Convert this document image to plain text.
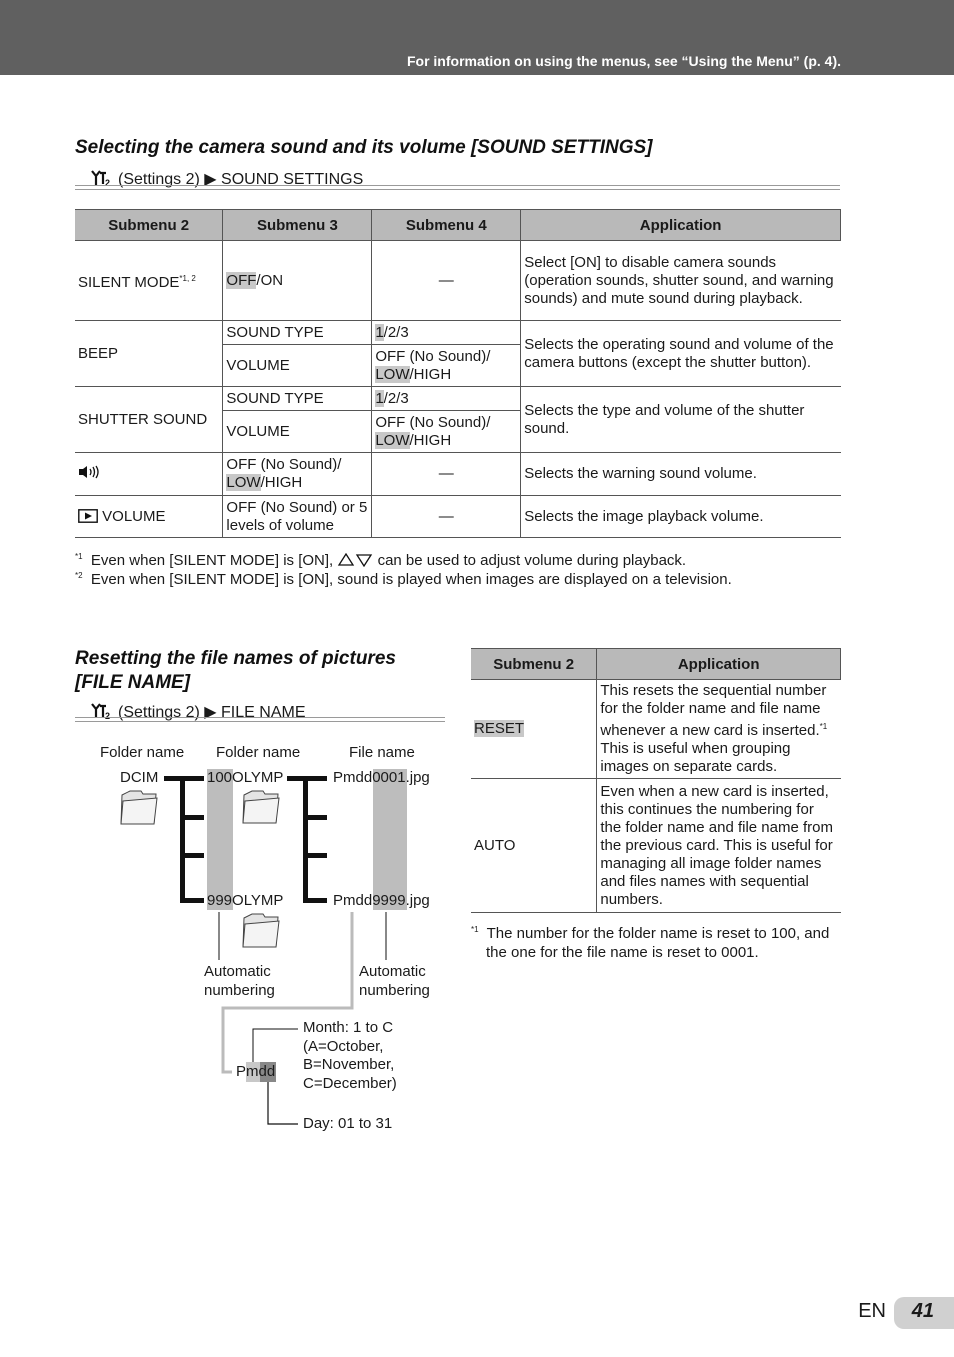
For information on using the menus, see “Using the Menu” (p. 4).
Selecting the camera sound and its volume [SOUND SETTINGS]
2 (Settings 2) ▶ SOUND SETTINGS
Submenu 2	Submenu 3	Submenu 4	Application
SILENT MODE$^{*1, 2}$	OFF/ON	—	Select [ON] to disable camera sounds (operation sounds, shutter sound, and warning sounds) and mute sound during playback.
BEEP	SOUND TYPE	1/2/3	Selects the operating sound and volume of the camera buttons (except the shutter button).
	VOLUME	OFF (No Sound)/
LOW/HIGH	
SHUTTER SOUND	SOUND TYPE	1/2/3	Selects the type and volume of the shutter sound.
	VOLUME	OFF (No Sound)/
LOW/HIGH	
	OFF (No Sound)/
LOW/HIGH	—	Selects the warning sound volume.
VOLUME	OFF (No Sound) or 5 levels of volume	—	Selects the image playback volume.
$^{*1}$ Even when [SILENT MODE] is [ON],	can be used to adjust volume during playback.
$^{*2}$ Even when [SILENT MODE] is [ON], sound is played when images are displayed on a television.
Resetting the file names of pictures
[FILE NAME]
2 (Settings 2) ▶ FILE NAME
Folder name Folder name	File name
DCIM	100OLYMP
999OLYMP
Pmdd0001.jpg
Pmdd9999.jpg
Automatic
numbering
Automatic
numbering
Pmdd
Month: 1 to C
(A=October,
B=November,
C=December)
Day: 01 to 31
Submenu 2	Application
RESET	This resets the sequential number for the folder name and file name whenever a new card is inserted.$^{*1}$ This is useful when grouping images on separate cards.
AUTO	Even when a new card is inserted, this continues the numbering for the folder name and file name from the previous card. This is useful for managing all image folder names and files names with sequential numbers.
$^{*1}$ The number for the folder name is reset to 100, and
the one for the file name is reset to 0001.
EN 41
